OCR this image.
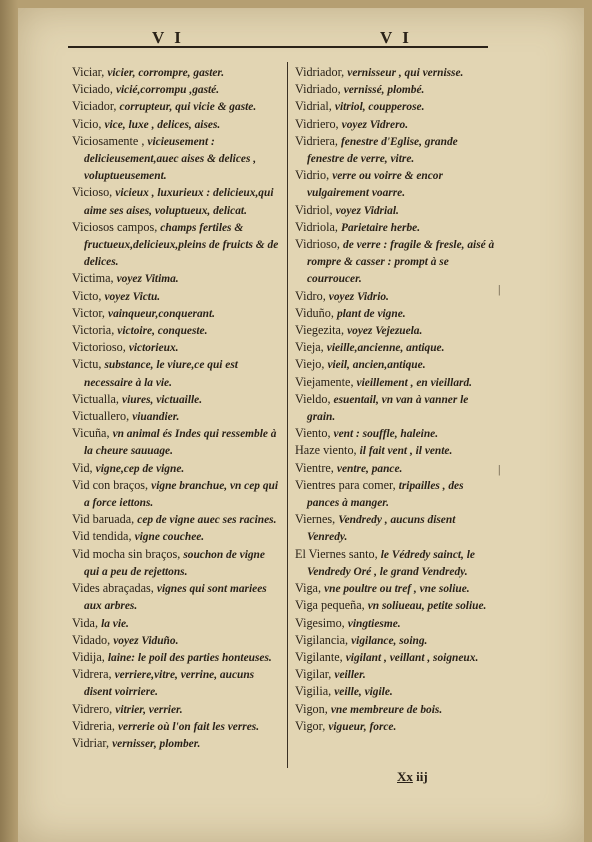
V I	V I

Viciar, vicier, corrompre, gaster.

Viciado, vicié,corrompu ,gasté.

Viciador, corrupteur, qui vicie & gaste.

Vicio, vice, luxe , delices, aises.

Viciosamente , vicieusement : delicieusement,auec aises & delices , voluptueusement.

Vicioso, vicieux , luxurieux : delicieux,qui aime ses aises, voluptueux, delicat.

Viciosos campos, champs fertiles & fructueux,delicieux,pleins de fruicts & de delices.

Victima, voyez Vitima.

Victo, voyez Victu.

Victor, vainqueur,conquerant.

Victoria, victoire, conqueste.

Victorioso, victorieux.

Victu, substance, le viure,ce qui est necessaire à la vie.

Victualla, viures, victuaille.

Victuallero, viuandier.

Vicuña, vn animal és Indes qui ressemble à la cheure sauuage.

Vid, vigne,cep de vigne.

Vid con braços, vigne branchue, vn cep qui a force iettons.

Vid baruada, cep de vigne auec ses racines.

Vid tendida, vigne couchee.

Vid mocha sin braços, souchon de vigne qui a peu de rejettons.

Vides abraçadas, vignes qui sont mariees aux arbres.

Vida, la vie.

Vidado, voyez Viduño.

Vidija, laine: le poil des parties honteuses.

Vidrera, verriere,vitre, verrine, aucuns disent voirriere.

Vidrero, vitrier, verrier.

Vidreria, verrerie où l'on fait les verres.

Vidriar, vernisser, plomber.

Vidriador, vernisseur , qui vernisse.

Vidriado, vernissé, plombé.

Vidrial, vitriol, coupperose.

Vidriero, voyez Vidrero.

Vidriera, fenestre d'Eglise, grande fenestre de verre, vitre.

Vidrio, verre ou voirre & encor vulgairement voarre.

Vidriol, voyez Vidrial.

Vidriola, Parietaire herbe.

Vidrioso, de verre : fragile & fresle, aisé à rompre & casser : prompt à se courroucer.

Vidro, voyez Vidrio.

Viduño, plant de vigne.

Viegezita, voyez Vejezuela.

Vieja, vieille,ancienne, antique.

Viejo, vieil, ancien,antique.

Viejamente, vieillement , en vieillard.

Vieldo, esuentail, vn van à vanner le grain.

Viento, vent : souffle, haleine.

Haze viento, il fait vent , il vente.

Vientre, ventre, pance.

Vientres para comer, tripailles , des pances à manger.

Viernes, Vendredy , aucuns disent Venredy.

El Viernes santo, le Védredy sainct, le Vendredy Oré , le grand Vendredy.

Viga, vne poultre ou tref , vne soliue.

Viga pequeña, vn soliueau, petite soliue.

Vigesimo, vingtiesme.

Vigilancia, vigilance, soing.

Vigilante, vigilant , veillant , soigneux.

Vigilar, veiller.

Vigilia, veille, vigile.

Vigon, vne membreure de bois.

Vigor, vigueur, force.

Xx iij
|
|
